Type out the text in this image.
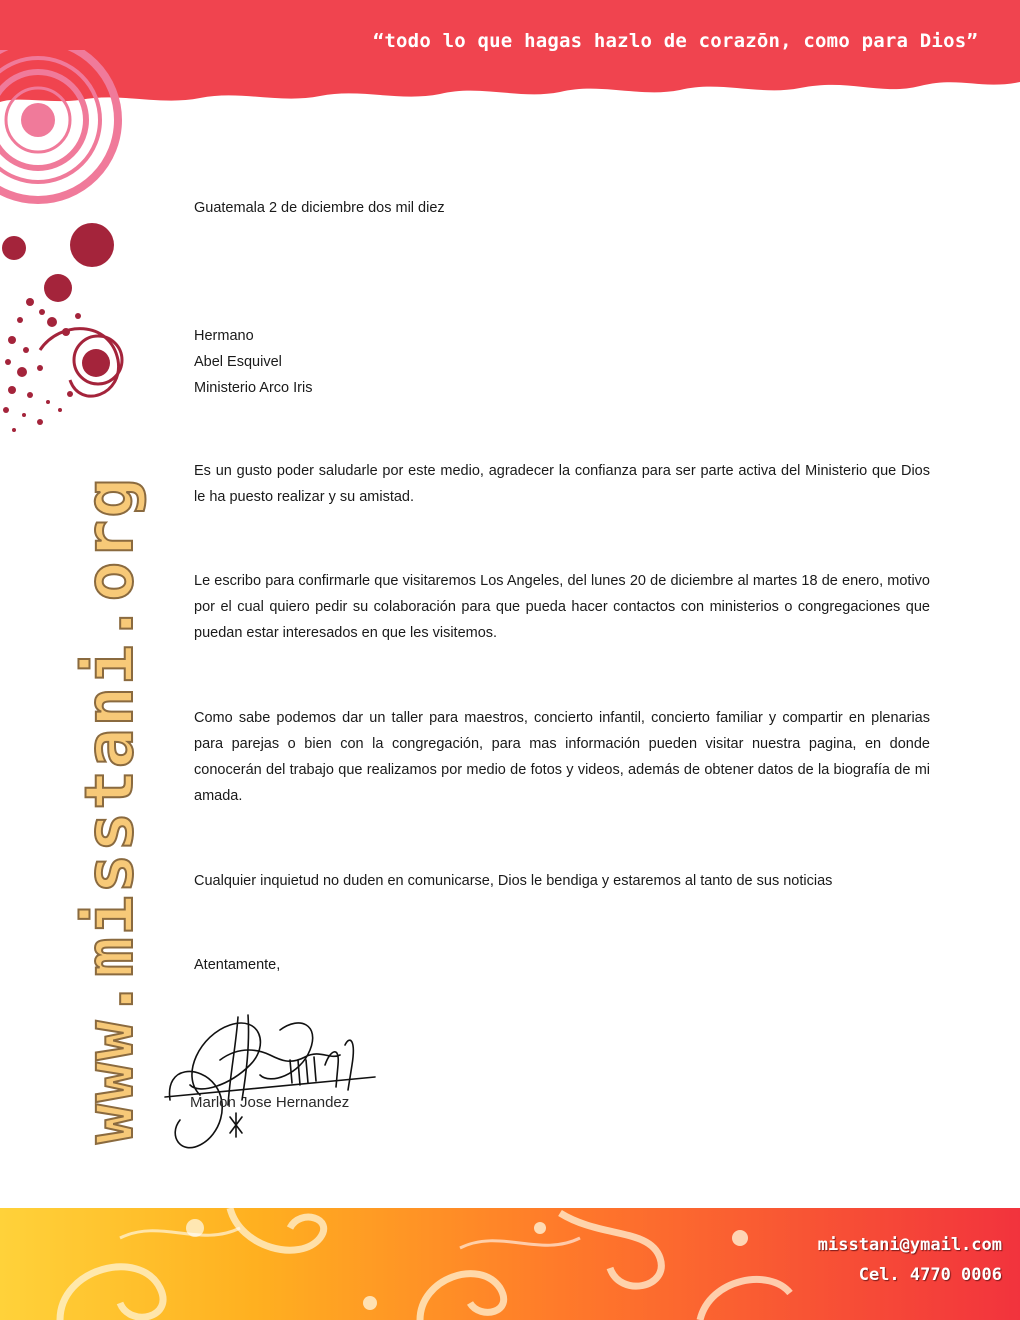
“todo lo que hagas hazlo de corazōn, como para Dios”
www.misstani.org

Guatemala 2 de diciembre dos mil diez

Hermano

Abel Esquivel

Ministerio Arco Iris

Es un gusto poder saludarle por este medio, agradecer la confianza para ser parte activa del Ministerio que Dios le ha puesto realizar y su amistad.

Le escribo para confirmarle que visitaremos Los Angeles, del lunes 20 de diciembre al martes 18 de enero, motivo por el cual quiero pedir su colaboración para que pueda hacer contactos con ministerios o congregaciones que puedan estar interesados en que les visitemos.

Como sabe podemos dar un taller para maestros, concierto infantil, concierto familiar y compartir en plenarias para parejas o bien con la congregación, para mas información pueden visitar nuestra pagina, en donde conocerán del trabajo que realizamos por medio de fotos y videos, además de obtener datos de la biografía de mi amada.

Cualquier inquietud no duden en comunicarse, Dios le bendiga y estaremos al tanto de sus noticias

Atentamente,

Marlon Jose Hernandez
misstani@ymail.com
Cel. 4770 0006
